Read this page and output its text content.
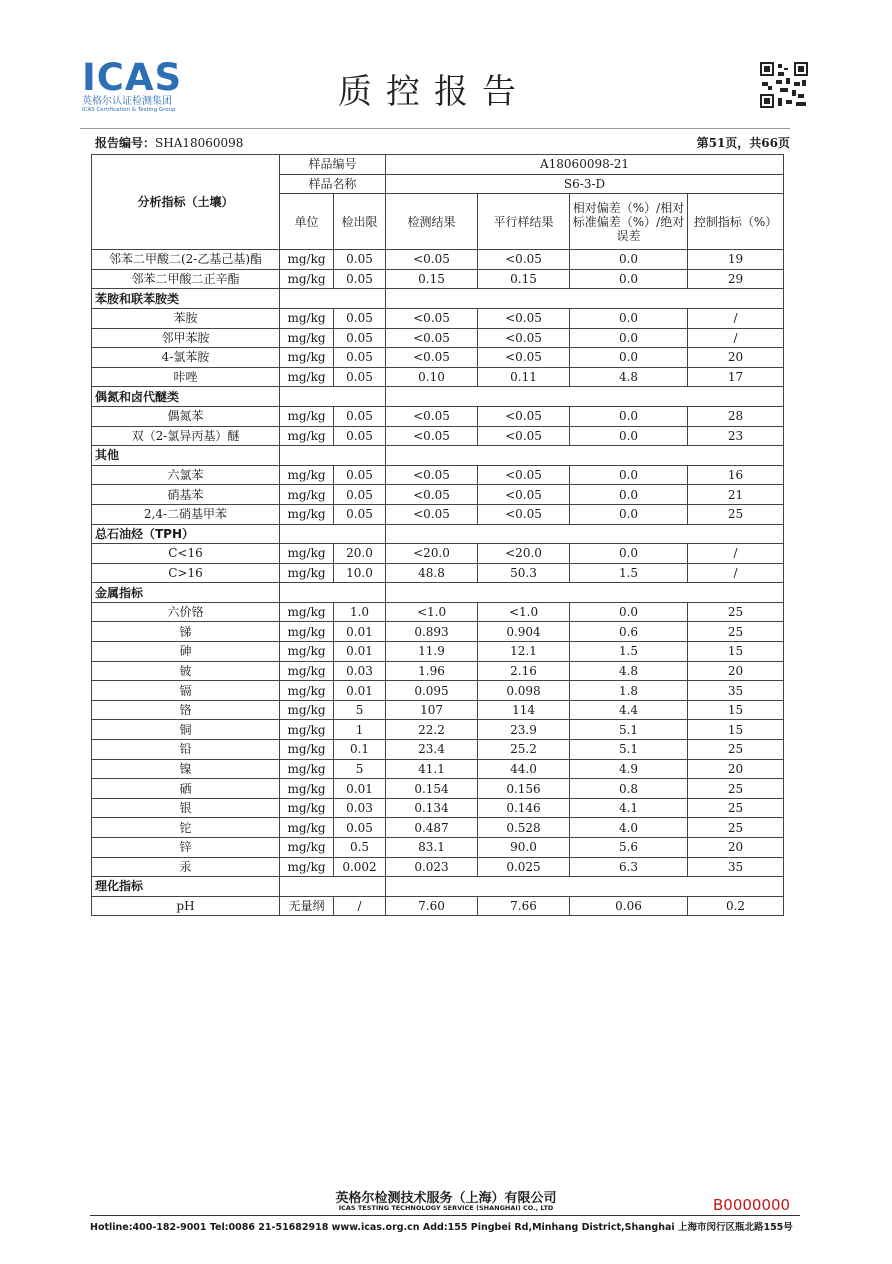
ICAS
英格尔认证检测集团
ICAS Certification & Testing Group	质控报告
报告编号：SHA18060098	第51页，共66页
分析指标（土壤）	样品编号		A18060098-21			
	样品名称		S6-3-D			
	单位	检出限	检测结果	平行样结果	相对偏差（%）/相对标准偏差（%）/绝对误差	控制指标（%）
邻苯二甲酸二(2-乙基己基)酯	mg/kg	0.05	<0.05	<0.05	0.0	19
邻苯二甲酸二正辛酯	mg/kg	0.05	0.15	0.15	0.0	29
苯胺和联苯胺类						
苯胺	mg/kg	0.05	<0.05	<0.05	0.0	/
邻甲苯胺	mg/kg	0.05	<0.05	<0.05	0.0	/
4-氯苯胺	mg/kg	0.05	<0.05	<0.05	0.0	20
咔唑	mg/kg	0.05	0.10	0.11	4.8	17
偶氮和卤代醚类						
偶氮苯	mg/kg	0.05	<0.05	<0.05	0.0	28
双（2-氯异丙基）醚	mg/kg	0.05	<0.05	<0.05	0.0	23
其他						
六氯苯	mg/kg	0.05	<0.05	<0.05	0.0	16
硝基苯	mg/kg	0.05	<0.05	<0.05	0.0	21
2,4-二硝基甲苯	mg/kg	0.05	<0.05	<0.05	0.0	25
总石油烃（TPH）						
C<16	mg/kg	20.0	<20.0	<20.0	0.0	/
C>16	mg/kg	10.0	48.8	50.3	1.5	/
金属指标						
六价铬	mg/kg	1.0	<1.0	<1.0	0.0	25
锑	mg/kg	0.01	0.893	0.904	0.6	25
砷	mg/kg	0.01	11.9	12.1	1.5	15
铍	mg/kg	0.03	1.96	2.16	4.8	20
镉	mg/kg	0.01	0.095	0.098	1.8	35
铬	mg/kg	5	107	114	4.4	15
铜	mg/kg	1	22.2	23.9	5.1	15
铅	mg/kg	0.1	23.4	25.2	5.1	25
镍	mg/kg	5	41.1	44.0	4.9	20
硒	mg/kg	0.01	0.154	0.156	0.8	25
银	mg/kg	0.03	0.134	0.146	4.1	25
铊	mg/kg	0.05	0.487	0.528	4.0	25
锌	mg/kg	0.5	83.1	90.0	5.6	20
汞	mg/kg	0.002	0.023	0.025	6.3	35
理化指标						
pH	无量纲	/	7.60	7.66	0.06	0.2
英格尔检测技术服务（上海）有限公司
ICAS TESTING TECHNOLOGY SERVICE (SHANGHAI) CO., LTD	B0000000
Hotline:400-182-9001 Tel:0086 21-51682918 www.icas.org.cn Add:155 Pingbei Rd,Minhang District,Shanghai 上海市闵行区瓶北路155号
